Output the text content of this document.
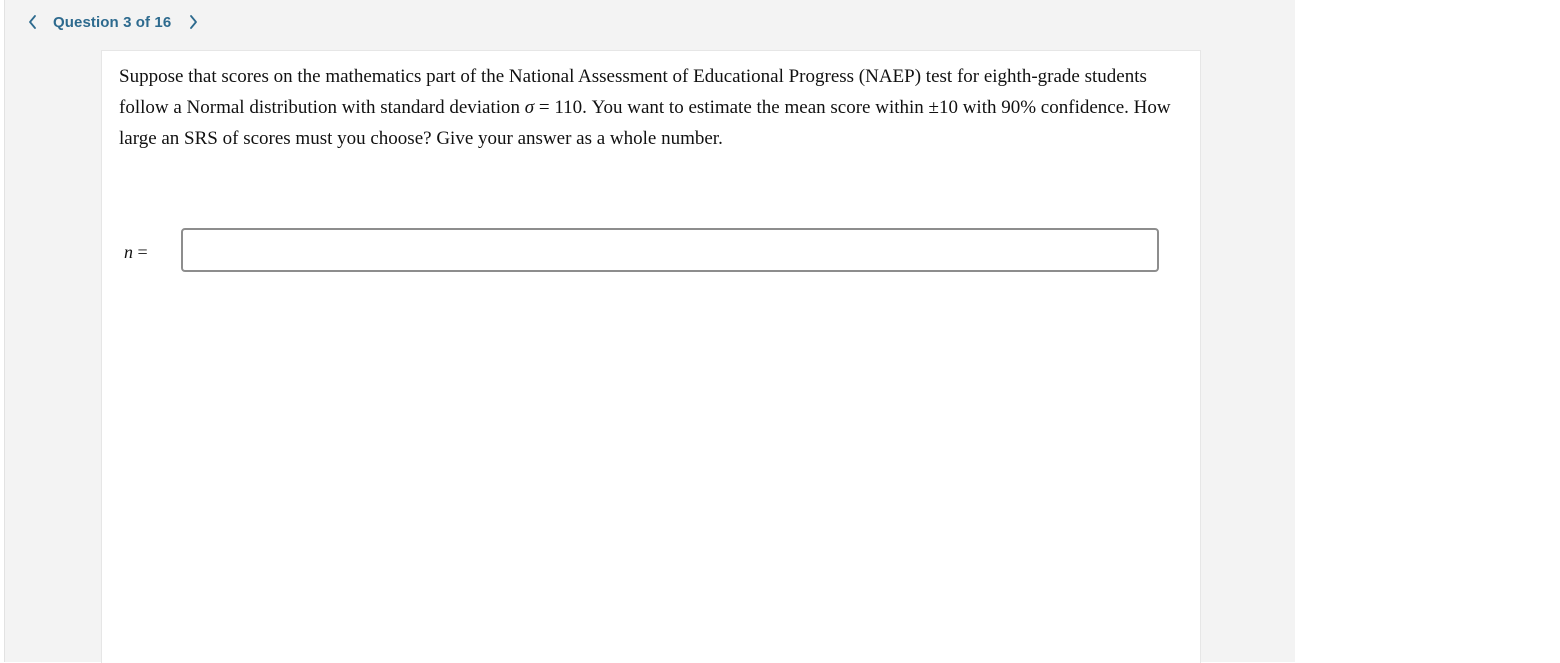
Question 3 of 16

Suppose that scores on the mathematics part of the National Assessment of Educational Progress (NAEP) test for eighth-grade students follow a Normal distribution with standard deviation σ = 110. You want to estimate the mean score within ±10 with 90% confidence. How large an SRS of scores must you choose? Give your answer as a whole number.

n =
